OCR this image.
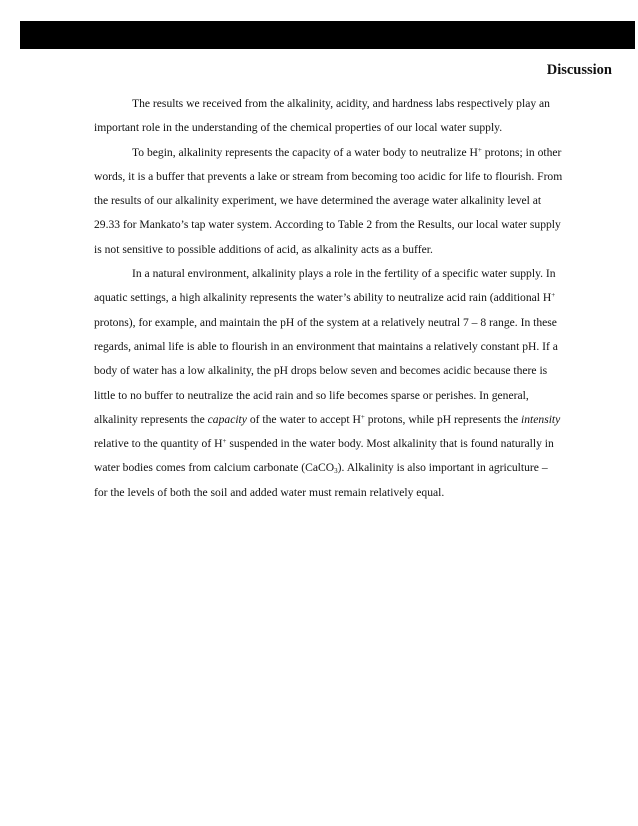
Discussion

The results we received from the alkalinity, acidity, and hardness labs respectively play an important role in the understanding of the chemical properties of our local water supply.

To begin, alkalinity represents the capacity of a water body to neutralize H+ protons; in other words, it is a buffer that prevents a lake or stream from becoming too acidic for life to flourish. From the results of our alkalinity experiment, we have determined the average water alkalinity level at 29.33 for Mankato’s tap water system. According to Table 2 from the Results, our local water supply is not sensitive to possible additions of acid, as alkalinity acts as a buffer.

In a natural environment, alkalinity plays a role in the fertility of a specific water supply. In aquatic settings, a high alkalinity represents the water’s ability to neutralize acid rain (additional H+ protons), for example, and maintain the pH of the system at a relatively neutral 7 – 8 range. In these regards, animal life is able to flourish in an environment that maintains a relatively constant pH. If a body of water has a low alkalinity, the pH drops below seven and becomes acidic because there is little to no buffer to neutralize the acid rain and so life becomes sparse or perishes. In general, alkalinity represents the capacity of the water to accept H+ protons, while pH represents the intensity relative to the quantity of H+ suspended in the water body. Most alkalinity that is found naturally in water bodies comes from calcium carbonate (CaCO$_3$). Alkalinity is also important in agriculture – for the levels of both the soil and added water must remain relatively equal.
